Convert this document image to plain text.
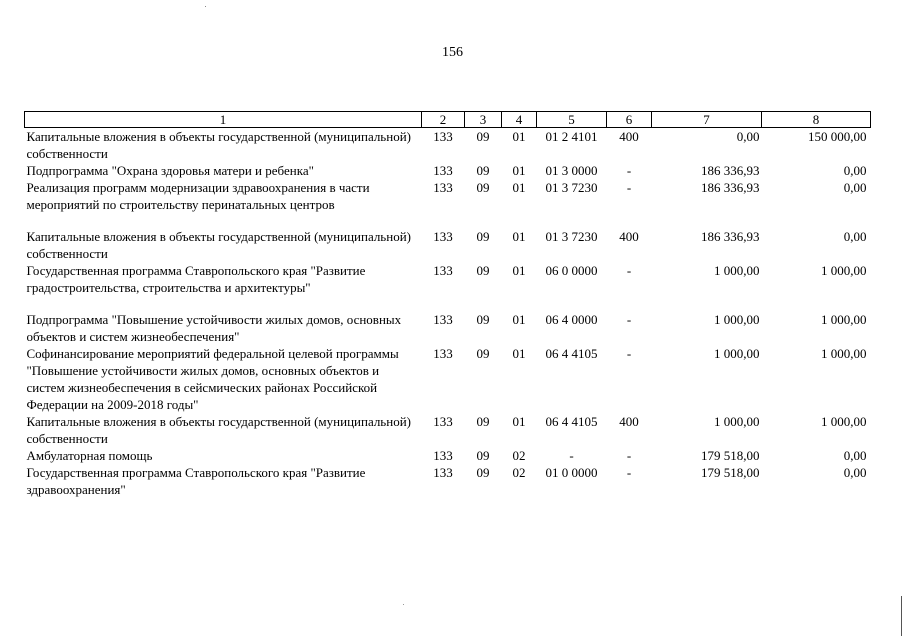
156
1	2	3	4	5	6	7	8
Капитальные вложения в объекты государственной (муниципальной) собственности	133	09	01	01 2 4101	400	0,00	150 000,00
Подпрограмма "Охрана здоровья матери и ребенка"	133	09	01	01 3 0000	-	186 336,93	0,00
Реализация программ модернизации здравоохранения в части мероприятий по строительству перинатальных центров	133	09	01	01 3 7230	-	186 336,93	0,00
Капитальные вложения в объекты государственной (муниципальной) собственности	133	09	01	01 3 7230	400	186 336,93	0,00
Государственная программа Ставропольского края "Развитие градостроительства, строительства и архитектуры"	133	09	01	06 0 0000	-	1 000,00	1 000,00
Подпрограмма "Повышение устойчивости жилых домов, основных объектов и систем жизнеобеспечения"	133	09	01	06 4 0000	-	1 000,00	1 000,00
Софинансирование мероприятий федеральной целевой программы "Повышение устойчивости жилых домов, основных объектов и систем жизнеобеспечения в сейсмических районах Российской Федерации на 2009-2018 годы"	133	09	01	06 4 4105	-	1 000,00	1 000,00
Капитальные вложения в объекты государственной (муниципальной) собственности	133	09	01	06 4 4105	400	1 000,00	1 000,00
Амбулаторная помощь	133	09	02	-	-	179 518,00	0,00
Государственная программа Ставропольского края "Развитие здравоохранения"	133	09	02	01 0 0000	-	179 518,00	0,00
